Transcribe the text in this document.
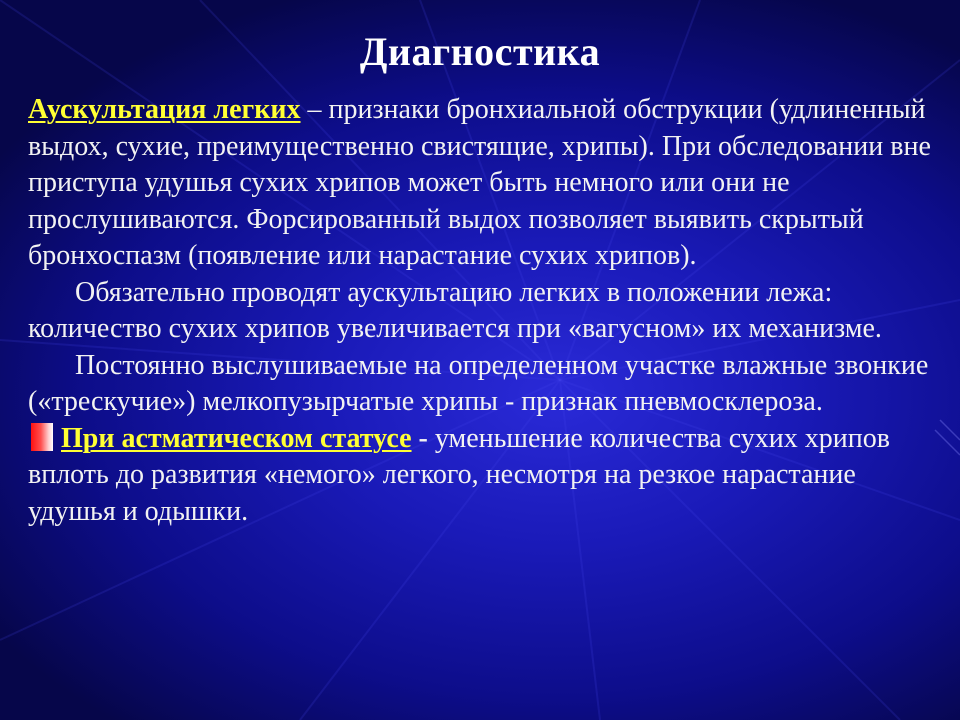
Диагностика

Аускультация легких – признаки бронхиальной обструкции (удлиненный выдох, сухие, преимущественно свистящие, хрипы). При обследовании вне приступа удушья сухих хрипов может быть немного или они не прослушиваются. Форсированный выдох позволяет выявить скрытый бронхоспазм (появление или нарастание сухих хрипов).

Обязательно проводят аускультацию легких в положении лежа: количество сухих хрипов увеличивается при «вагусном» их механизме.

Постоянно выслушиваемые на определенном участке влажные звонкие («трескучие») мелкопузырчатые хрипы - признак пневмосклероза.

При астматическом статусе - уменьшение количества сухих хрипов вплоть до развития «немого» легкого, несмотря на резкое нарастание удушья и одышки.
